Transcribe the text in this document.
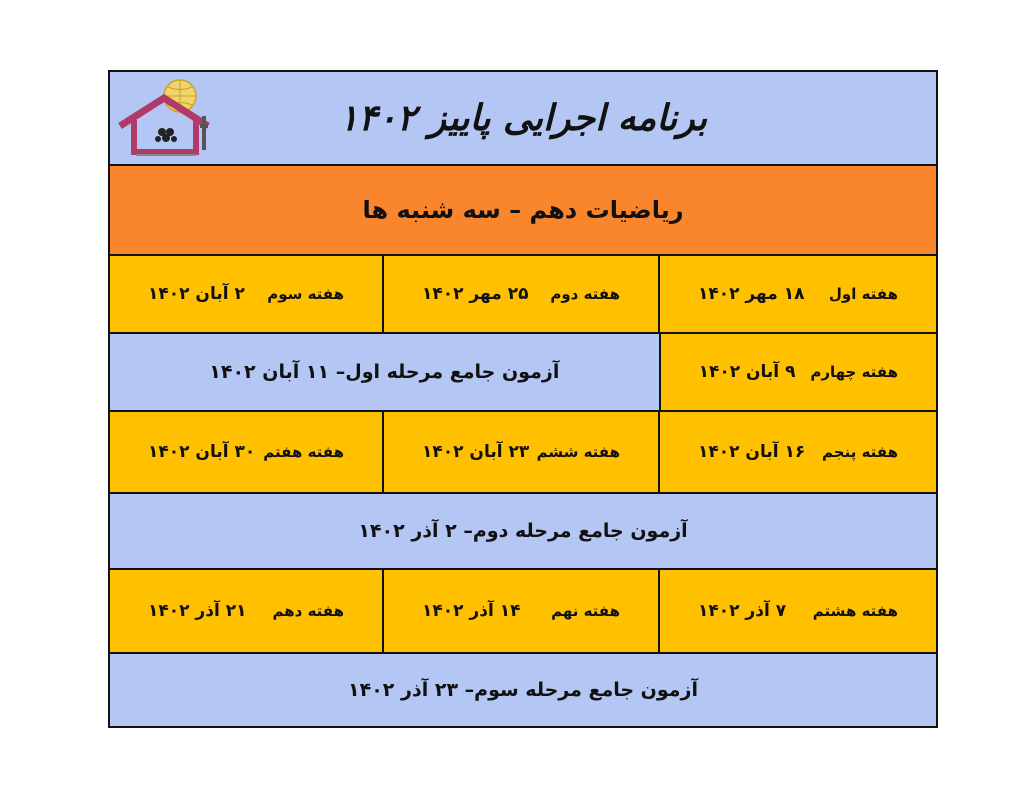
برنامه اجرایی پاییز ۱۴۰۲
ریاضیات دهم – سه شنبه ها
هفته اول
۱۸ مهر ۱۴۰۲
هفته دوم
۲۵ مهر ۱۴۰۲
هفته سوم
۲ آبان ۱۴۰۲
هفته چهارم
۹ آبان ۱۴۰۲
آزمون جامع مرحله اول– ۱۱ آبان ۱۴۰۲
هفته پنجم
۱۶ آبان ۱۴۰۲
هفته ششم
۲۳ آبان ۱۴۰۲
هفته هفتم
۳۰ آبان ۱۴۰۲
آزمون جامع مرحله دوم– ۲ آذر ۱۴۰۲
هفته هشتم
۷ آذر ۱۴۰۲
هفته نهم
۱۴ آذر ۱۴۰۲
هفته دهم
۲۱ آذر ۱۴۰۲
آزمون جامع مرحله سوم– ۲۳ آذر ۱۴۰۲
